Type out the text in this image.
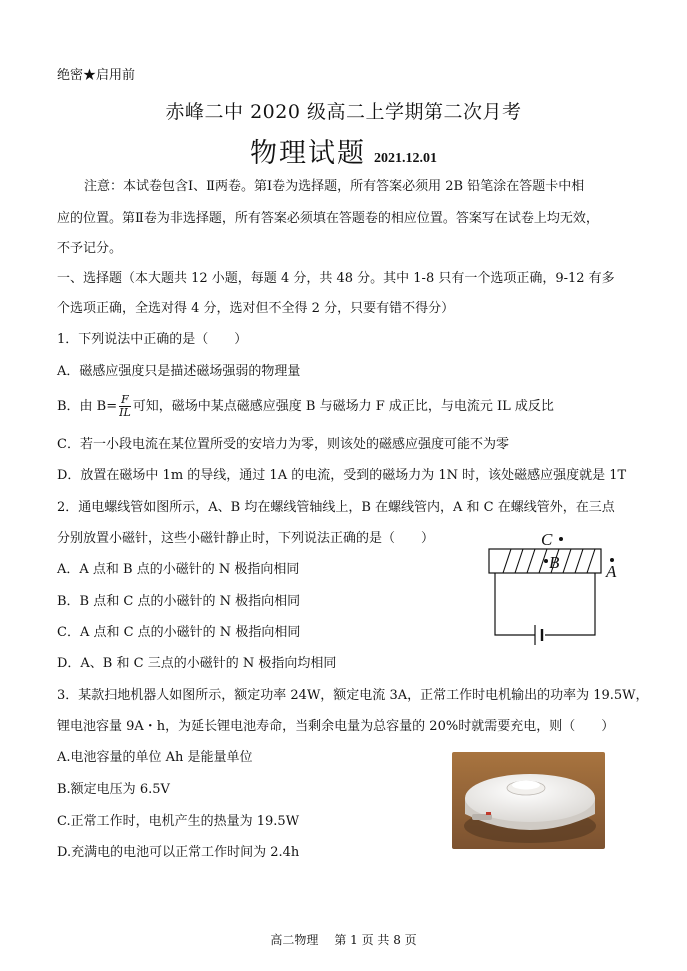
绝密★启用前
赤峰二中 2020 级高二上学期第二次月考
物理试题 2021.12.01
注意：本试卷包含Ⅰ、Ⅱ两卷。第Ⅰ卷为选择题，所有答案必须用 2B 铅笔涂在答题卡中相
应的位置。第Ⅱ卷为非选择题，所有答案必须填在答题卷的相应位置。答案写在试卷上均无效，
不予记分。
一、选择题（本大题共 12 小题，每题 4 分，共 48 分。其中 1-8 只有一个选项正确，9-12 有多
个选项正确，全选对得 4 分，选对但不全得 2 分，只要有错不得分）
1．下列说法中正确的是（　　）
A．磁感应强度只是描述磁场强弱的物理量
B．由 $B= \frac{F}{IL}$ 可知，磁场中某点磁感应强度 B 与磁场力 F 成正比，与电流元 IL 成反比
C．若一小段电流在某位置所受的安培力为零，则该处的磁感应强度可能不为零
D．放置在磁场中 1m 的导线，通过 1A 的电流，受到的磁场力为 1N 时，该处磁感应强度就是 1T
2．通电螺线管如图所示，A、B 均在螺线管轴线上，B 在螺线管内，A 和 C 在螺线管外，在三点
分别放置小磁针，这些小磁针静止时，下列说法正确的是（　　）
A．A 点和 B 点的小磁针的 N 极指向相同
B．B 点和 C 点的小磁针的 N 极指向相同
C．A 点和 C 点的小磁针的 N 极指向相同
D．A、B 和 C 三点的小磁针的 N 极指向均相同
C
B	A
3．某款扫地机器人如图所示，额定功率 24W，额定电流 3A，正常工作时电机输出的功率为 19.5W，
锂电池容量 9A・h，为延长锂电池寿命，当剩余电量为总容量的 20%时就需要充电，则（　　）
A.电池容量的单位 Ah 是能量单位
B.额定电压为 6.5V
C.正常工作时，电机产生的热量为 19.5W
D.充满电的电池可以正常工作时间为 2.4h
高二物理 第 1 页 共 8 页
